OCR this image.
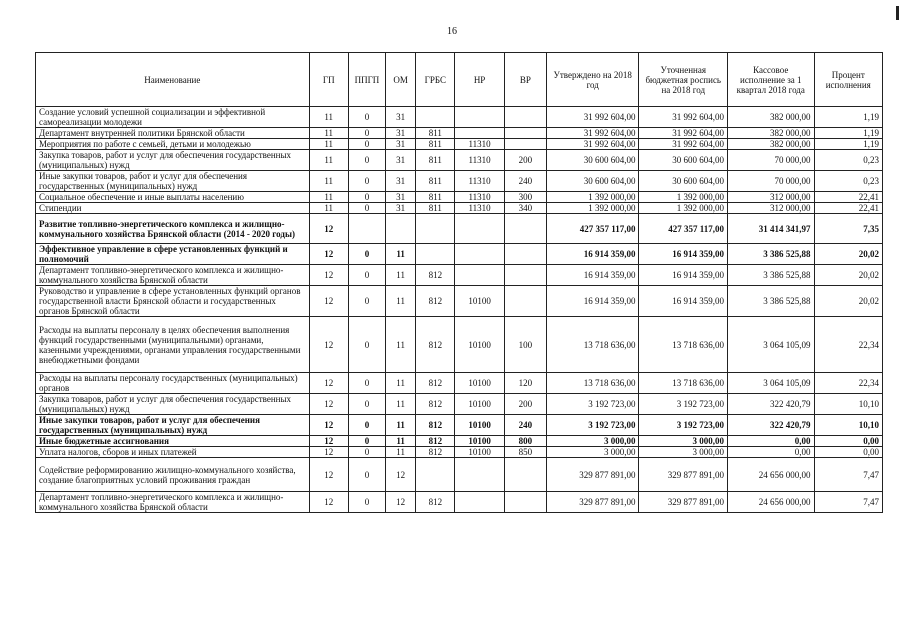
16
Наименование	ГП	ППГП	ОМ	ГРБС	НР	ВР	Утверждено на 2018 год	Уточненная бюджетная роспись на 2018 год	Кассовое исполнение за 1 квартал 2018 года	Процент исполнения
Создание условий успешной социализации и эффективной самореализации молодежи	11	0	31				31 992 604,00	31 992 604,00	382 000,00	1,19
Департамент внутренней политики Брянской области	11	0	31	811			31 992 604,00	31 992 604,00	382 000,00	1,19
Мероприятия по работе с семьей, детьми и молодежью	11	0	31	811	11310		31 992 604,00	31 992 604,00	382 000,00	1,19
Закупка товаров, работ и услуг для обеспечения государственных (муниципальных) нужд	11	0	31	811	11310	200	30 600 604,00	30 600 604,00	70 000,00	0,23
Иные закупки товаров, работ и услуг для обеспечения государственных (муниципальных) нужд	11	0	31	811	11310	240	30 600 604,00	30 600 604,00	70 000,00	0,23
Социальное обеспечение и иные выплаты населению	11	0	31	811	11310	300	1 392 000,00	1 392 000,00	312 000,00	22,41
Стипендии	11	0	31	811	11310	340	1 392 000,00	1 392 000,00	312 000,00	22,41
Развитие топливно-энергетического комплекса и жилищно-коммунального хозяйства Брянской области (2014 - 2020 годы)	12						427 357 117,00	427 357 117,00	31 414 341,97	7,35
Эффективное управление в сфере установленных функций и полномочий	12	0	11				16 914 359,00	16 914 359,00	3 386 525,88	20,02
Департамент топливно-энергетического комплекса и жилищно-коммунального хозяйства Брянской области	12	0	11	812			16 914 359,00	16 914 359,00	3 386 525,88	20,02
Руководство и управление в сфере установленных функций органов государственной власти Брянской области и государственных органов Брянской области	12	0	11	812	10100		16 914 359,00	16 914 359,00	3 386 525,88	20,02
Расходы на выплаты персоналу в целях обеспечения выполнения функций государственными (муниципальными) органами, казенными учреждениями, органами управления государственными внебюджетными фондами	12	0	11	812	10100	100	13 718 636,00	13 718 636,00	3 064 105,09	22,34
Расходы на выплаты персоналу государственных (муниципальных) органов	12	0	11	812	10100	120	13 718 636,00	13 718 636,00	3 064 105,09	22,34
Закупка товаров, работ и услуг для обеспечения государственных (муниципальных) нужд	12	0	11	812	10100	200	3 192 723,00	3 192 723,00	322 420,79	10,10
Иные закупки товаров, работ и услуг для обеспечения государственных (муниципальных) нужд	12	0	11	812	10100	240	3 192 723,00	3 192 723,00	322 420,79	10,10
Иные бюджетные ассигнования	12	0	11	812	10100	800	3 000,00	3 000,00	0,00	0,00
Уплата налогов, сборов и иных платежей	12	0	11	812	10100	850	3 000,00	3 000,00	0,00	0,00
Содействие реформированию жилищно-коммунального хозяйства, создание благоприятных условий проживания граждан	12	0	12				329 877 891,00	329 877 891,00	24 656 000,00	7,47
Департамент топливно-энергетического комплекса и жилищно-коммунального хозяйства Брянской области	12	0	12	812			329 877 891,00	329 877 891,00	24 656 000,00	7,47
